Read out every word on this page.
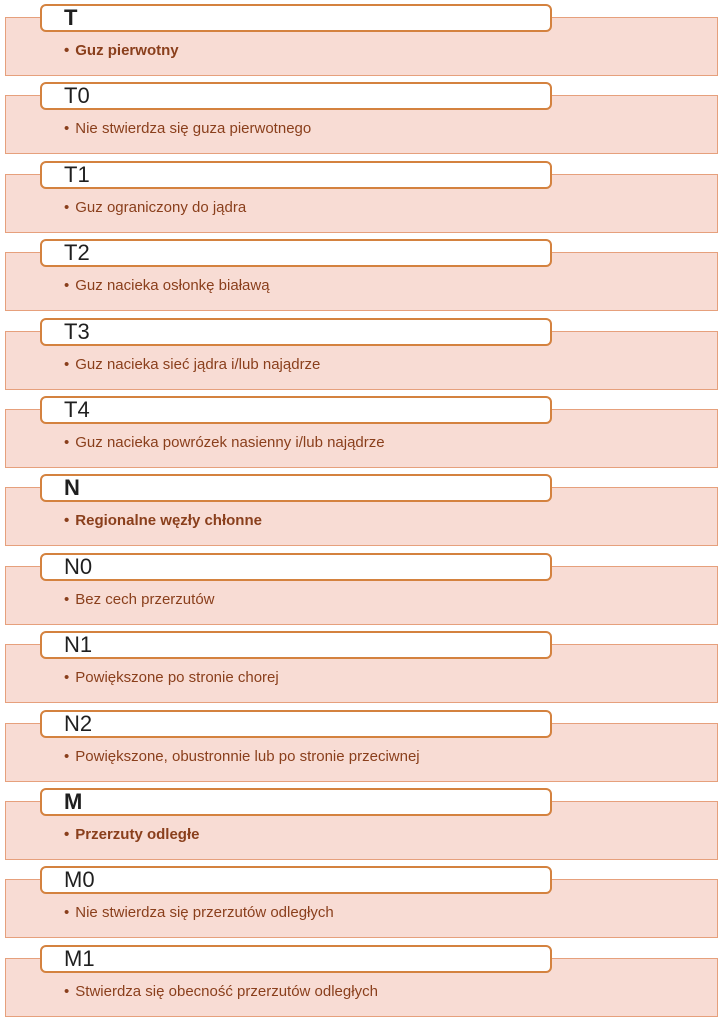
T
• Guz pierwotny
T0
• Nie stwierdza się guza pierwotnego
T1
• Guz ograniczony do jądra
T2
• Guz nacieka osłonkę białawą
T3
• Guz nacieka sieć jądra i/lub najądrze
T4
• Guz nacieka powrózek nasienny i/lub najądrze
N
• Regionalne węzły chłonne
N0
• Bez cech przerzutów
N1
• Powiększone po stronie chorej
N2
• Powiększone, obustronnie lub po stronie przeciwnej
M
• Przerzuty odległe
M0
• Nie stwierdza się przerzutów odległych
M1
• Stwierdza się obecność przerzutów odległych
